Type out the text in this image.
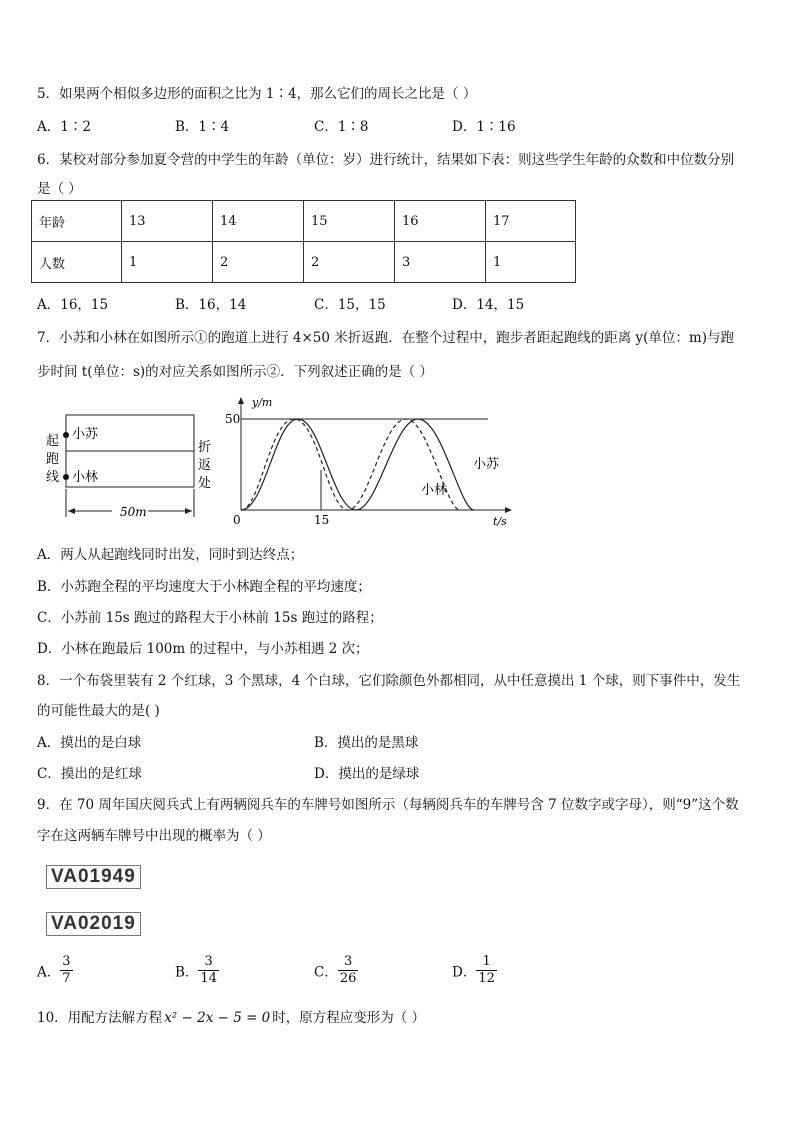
5．如果两个相似多边形的面积之比为 1∶4，那么它们的周长之比是（ ）
A．1∶2	B．1∶4	C．1∶8	D．1∶16
6．某校对部分参加夏令营的中学生的年龄（单位：岁）进行统计，结果如下表：则这些学生年龄的众数和中位数分别
是（ ）
年龄	13	14	15	16	17
人数	1	2	2	3	1
A．16，15	B．16，14	C．15，15	D．14，15
7．小苏和小林在如图所示①的跑道上进行 4×50 米折返跑．在整个过程中，跑步者距起跑线的距离 y(单位：m)与跑
步时间 t(单位：s)的对应关系如图所示②．下列叙述正确的是（ ）
小苏
小林
起
跑
线
折
返
处
50m
y/m
t/s
50
15
0
小苏
小林
A．两人从起跑线同时出发，同时到达终点；
B．小苏跑全程的平均速度大于小林跑全程的平均速度；
C．小苏前 15s 跑过的路程大于小林前 15s 跑过的路程；
D．小林在跑最后 100m 的过程中，与小苏相遇 2 次；
8．一个布袋里装有 2 个红球，3 个黑球，4 个白球，它们除颜色外都相同，从中任意摸出 1 个球，则下事件中，发生
的可能性最大的是( )
A．摸出的是白球	B．摸出的是黑球
C．摸出的是红球	D．摸出的是绿球
9．在 70 周年国庆阅兵式上有两辆阅兵车的车牌号如图所示（每辆阅兵车的车牌号含 7 位数字或字母），则“9”这个数
字在这两辆车牌号中出现的概率为（ ）
VA01949
VA02019
A． $\frac{3}{7}$	B． $\frac{3}{14}$	C． $\frac{3}{26}$	D． $\frac{1}{12}$
10．用配方法解方程 x² − 2x − 5 = 0 时，原方程应变形为（ ）
